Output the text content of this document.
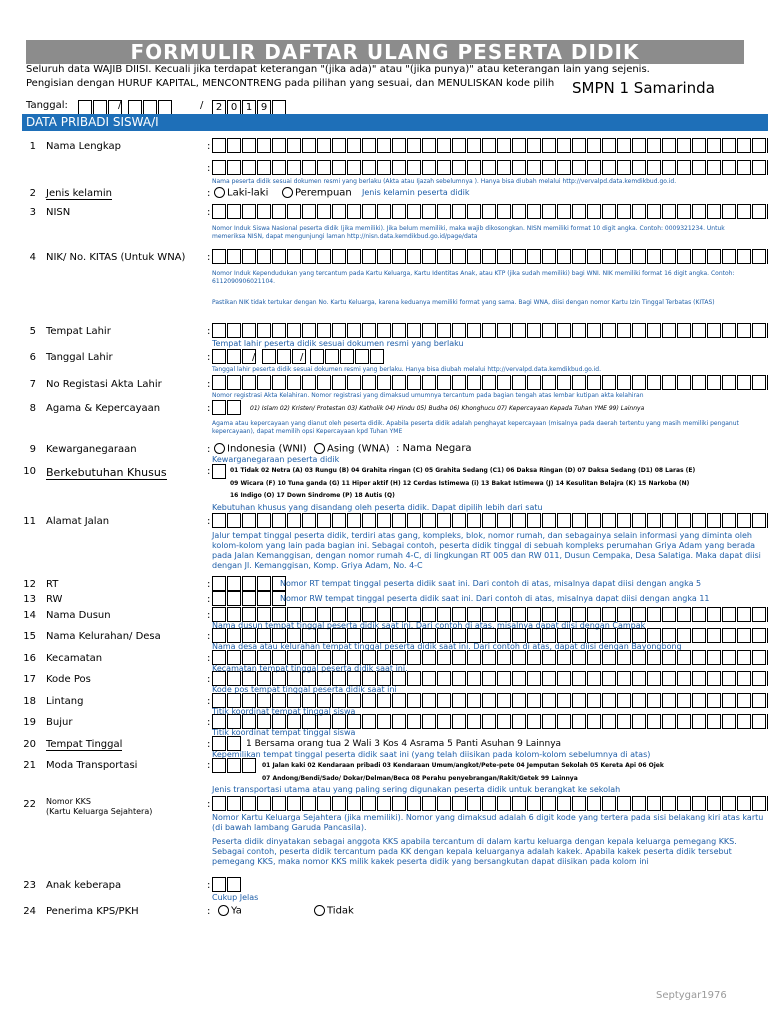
FORMULIR DAFTAR ULANG PESERTA DIDIK
Seluruh data WAJIB DIISI. Kecuali jika terdapat keterangan "(jika ada)" atau "(jika punya)" atau keterangan lain yang sejenis.
Pengisian dengan HURUF KAPITAL, MENCONTRENG pada pilihan yang sesuai, dan MENULISKAN kode pilih SMPN 1 Samarinda
Tanggal:	/	/	2 0 1 9
DATA PRIBADI SISWA/I
1 Nama Lengkap	:
:
Nama peserta didik sesuai dokumen resmi yang berlaku (Akta atau Ijazah sebelumnya ). Hanya bisa diubah melalui http://vervalpd.data.kemdikbud.go.id.
2 Jenis kelamin	:	Laki-laki	Perempuan Jenis kelamin peserta didik
3 NISN	:
Nomor Induk Siswa Nasional peserta didik (jika memiliki). Jika belum memiliki, maka wajib dikosongkan. NISN memiliki format 10 digit angka. Contoh: 0009321234. Untuk memeriksa NISN, dapat mengunjungi laman http://nisn.data.kemdikbud.go.id/page/data
4 NIK/ No. KITAS (Untuk WNA) :
Nomor Induk Kependudukan yang tercantum pada Kartu Keluarga, Kartu Identitas Anak, atau KTP (jika sudah memiliki) bagi WNI. NIK memiliki format 16 digit angka. Contoh: 6112090906021104.
Pastikan NIK tidak tertukar dengan No. Kartu Keluarga, karena keduanya memiliki format yang sama. Bagi WNA, diisi dengan nomor Kartu Izin Tinggal Terbatas (KITAS)
5 Tempat Lahir	:
Tempat lahir peserta didik sesuai dokumen resmi yang berlaku
6 Tanggal Lahir	:	/	/
Tanggal lahir peserta didik sesuai dokumen resmi yang berlaku. Hanya bisa diubah melalui http://vervalpd.data.kemdikbud.go.id.
7 No Registasi Akta Lahir	:
Nomor registrasi Akta Kelahiran. Nomor registrasi yang dimaksud umumnya tercantum pada bagian tengah atas lembar kutipan akta kelahiran
8 Agama & Kepercayaan	:	01) Islam 02) Kristen/ Protestan 03) Katholik 04) Hindu 05) Budha 06) Khonghucu 07) Kepercayaan Kepada Tuhan YME 99) Lainnya
Agama atau kepercayaan yang dianut oleh peserta didik. Apabila peserta didik adalah penghayat kepercayaan (misalnya pada daerah tertentu yang masih memiliki penganut kepercayaan), dapat memilih opsi Kepercayaan kpd Tuhan YME
9 Kewarganegaraan	:	Indonesia (WNI)	Asing (WNA) : Nama Negara
Kewarganegaraan peserta didik
10 Berkebutuhan Khusus	:	01 Tidak 02 Netra (A) 03 Rungu (B) 04 Grahita ringan (C) 05 Grahita Sedang (C1) 06 Daksa Ringan (D) 07 Daksa Sedang (D1) 08 Laras (E)
09 Wicara (F) 10 Tuna ganda (G) 11 Hiper aktif (H) 12 Cerdas Istimewa (i) 13 Bakat Istimewa (J) 14 Kesulitan Belajra (K) 15 Narkoba (N)
16 Indigo (O) 17 Down Sindrome (P) 18 Autis (Q)
Kebutuhan khusus yang disandang oleh peserta didik. Dapat dipilih lebih dari satu
11 Alamat Jalan	:
Jalur tempat tinggal peserta didik, terdiri atas gang, kompleks, blok, nomor rumah, dan sebagainya selain informasi yang diminta oleh kolom-kolom yang lain pada bagian ini. Sebagai contoh, peserta didik tinggal di sebuah kompleks perumahan Griya Adam yang berada pada Jalan Kemanggisan, dengan nomor rumah 4-C, di lingkungan RT 005 dan RW 011, Dusun Cempaka, Desa Salatiga. Maka dapat diisi dengan Jl. Kemanggisan, Komp. Griya Adam, No. 4-C
12 RT	:	Nomor RT tempat tinggal peserta didik saat ini. Dari contoh di atas, misalnya dapat diisi dengan angka 5
13 RW	:	Nomor RW tempat tinggal peserta didik saat ini. Dari contoh di atas, misalnya dapat diisi dengan angka 11
14 Nama Dusun	:
Nama dusun tempat tinggal peserta didik saat ini. Dari contoh di atas, misalnya dapat diisi dengan Campak
15 Nama Kelurahan/ Desa	:
Nama desa atau kelurahan tempat tinggal peserta didik saat ini. Dari contoh di atas, dapat diisi dengan Bayongbong
16 Kecamatan	:
Kecamatan tempat tinggal peserta didik saat ini.
17 Kode Pos	:
Kode pos tempat tinggal peserta didik saat ini
18 Lintang	:
Titik koordinat tempat tinggal siswa
19 Bujur	:
Titik koordinat tempat tinggal siswa
20 Tempat Tinggal	:	1 Bersama orang tua 2 Wali 3 Kos 4 Asrama 5 Panti Asuhan 9 Lainnya
Kepemilikan tempat tinggal peserta didik saat ini (yang telah diisikan pada kolom-kolom sebelumnya di atas)
21 Moda Transportasi	:	01 Jalan kaki 02 Kendaraan pribadi 03 Kendaraan Umum/angkot/Pete-pete 04 Jemputan Sekolah 05 Kereta Api 06 Ojek
07 Andong/Bendi/Sado/ Dokar/Delman/Beca 08 Perahu penyebrangan/Rakit/Getek 99 Lainnya
Jenis transportasi utama atau yang paling sering digunakan peserta didik untuk berangkat ke sekolah
22 Nomor KKS
(Kartu Keluarga Sejahtera)
:
Nomor Kartu Keluarga Sejahtera (jika memiliki). Nomor yang dimaksud adalah 6 digit kode yang tertera pada sisi belakang kiri atas kartu (di bawah lambang Garuda Pancasila).
Peserta didik dinyatakan sebagai anggota KKS apabila tercantum di dalam kartu keluarga dengan kepala keluarga pemegang KKS. Sebagai contoh, peserta didik tercantum pada KK dengan kepala keluarganya adalah kakek. Apabila kakek peserta didik tersebut pemegang KKS, maka nomor KKS milik kakek peserta didik yang bersangkutan dapat diisikan pada kolom ini
23 Anak keberapa	:
Cukup Jelas
24 Penerima KPS/PKH	:	Ya	Tidak
Septygar1976
